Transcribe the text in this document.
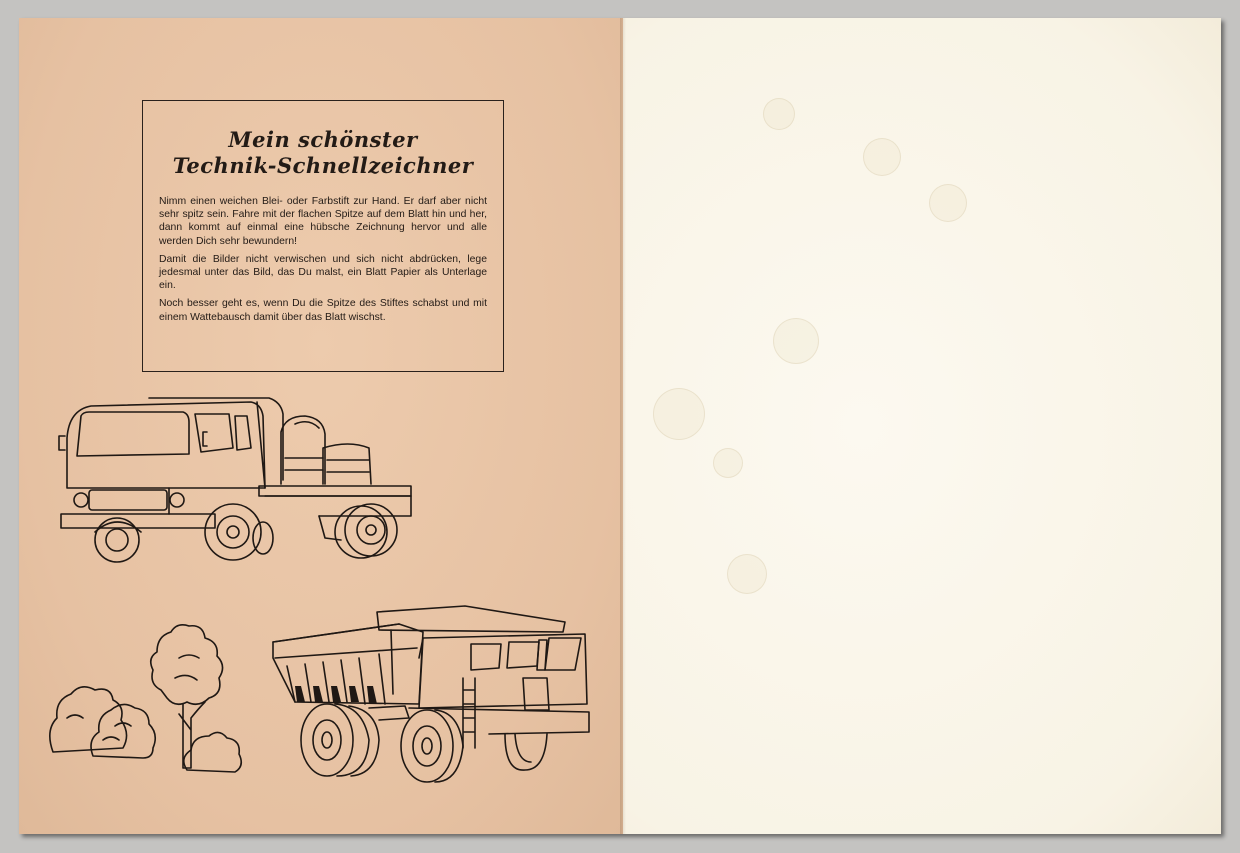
Mein schönster
Technik-Schnellzeichner

Nimm einen weichen Blei- oder Farbstift zur Hand. Er darf aber nicht sehr spitz sein. Fahre mit der flachen Spitze auf dem Blatt hin und her, dann kommt auf einmal eine hübsche Zeichnung hervor und alle werden Dich sehr bewundern!

Damit die Bilder nicht verwischen und sich nicht abdrücken, lege jedesmal unter das Bild, das Du malst, ein Blatt Papier als Unterlage ein.

Noch besser geht es, wenn Du die Spitze des Stiftes schabst und mit einem Wattebausch damit über das Blatt wischst.
